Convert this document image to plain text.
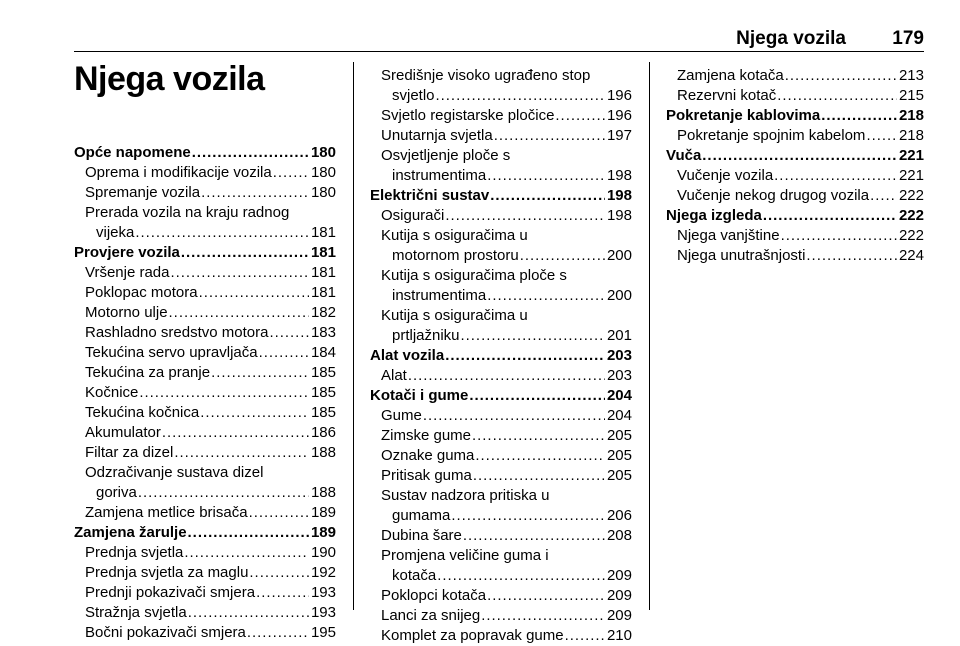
Njega vozila 179
Njega vozila
Opće napomene . . .	180
Oprema i modifikacije vozila . . .	180
Spremanje vozila . . .	180
Prerada vozila na kraju radnog
vijeka . . .	181
Provjere vozila . . .	181
Vršenje rada . . .	181
Poklopac motora . . .	181
Motorno ulje . . .	182
Rashladno sredstvo motora . . .	183
Tekućina servo upravljača . . .	184
Tekućina za pranje . . .	185
Kočnice . . .	185
Tekućina kočnica . . .	185
Akumulator . . .	186
Filtar za dizel . . .	188
Odzračivanje sustava dizel
goriva . . .	188
Zamjena metlice brisača . . .	189
Zamjena žarulje . . .	189
Prednja svjetla . . .	190
Prednja svjetla za maglu . . .	192
Prednji pokazivači smjera . . .	193
Stražnja svjetla . . .	193
Bočni pokazivači smjera . . .	195
Središnje visoko ugrađeno stop
svjetlo . . .	196
Svjetlo registarske pločice . . .	196
Unutarnja svjetla . . .	197
Osvjetljenje ploče s
instrumentima . . .	198
Električni sustav . . .	198
Osigurači . . .	198
Kutija s osiguračima u
motornom prostoru . . .	200
Kutija s osiguračima ploče s
instrumentima . . .	200
Kutija s osiguračima u
prtljažniku . . .	201
Alat vozila . . .	203
Alat . . .	203
Kotači i gume . . .	204
Gume . . .	204
Zimske gume . . .	205
Oznake guma . . .	205
Pritisak guma . . .	205
Sustav nadzora pritiska u
gumama . . .	206
Dubina šare . . .	208
Promjena veličine guma i
kotača . . .	209
Poklopci kotača . . .	209
Lanci za snijeg . . .	209
Komplet za popravak gume . . .	210
Zamjena kotača . . .	213
Rezervni kotač . . .	215
Pokretanje kablovima . . .	218
Pokretanje spojnim kabelom . . . 218
Vuča . . .	221
Vučenje vozila . . .	221
Vučenje nekog drugog vozila . . . 222
Njega izgleda . . .	222
Njega vanjštine . . .	222
Njega unutrašnjosti . . .	224
